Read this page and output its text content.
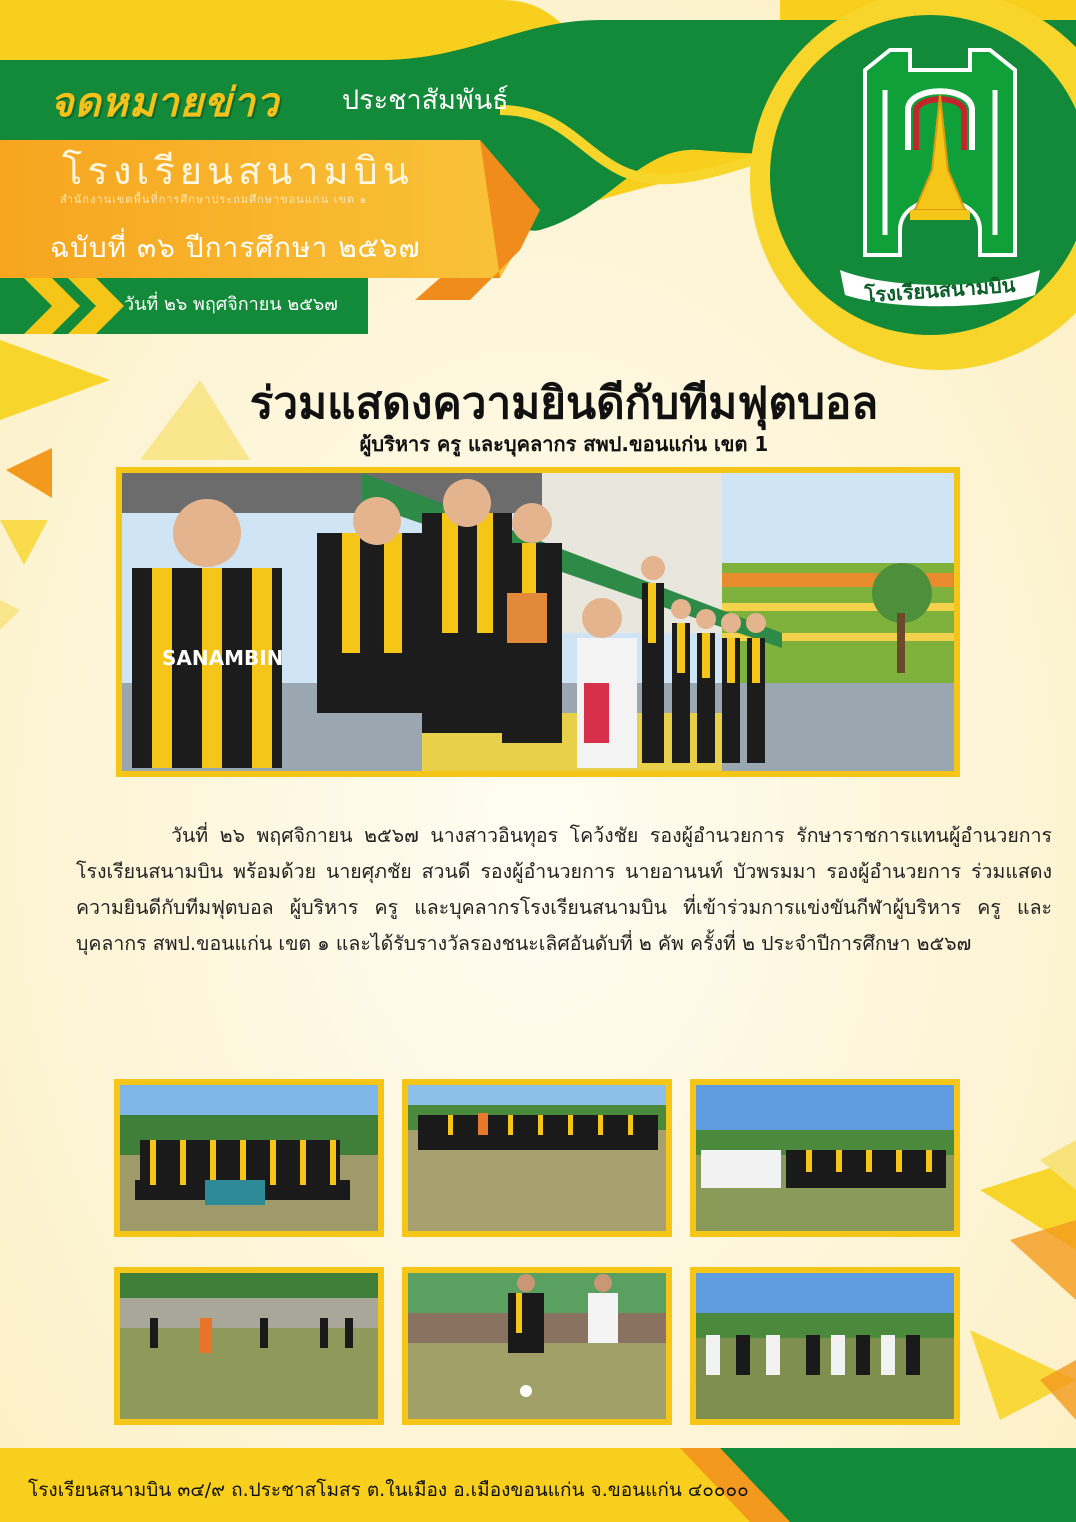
จดหมายข่าว ประชาสัมพันธ์
โรงเรียนสนามบิน
สำนักงานเขตพื้นที่การศึกษาประถมศึกษาขอนแก่น เขต ๑
ฉบับที่ ๓๖ ปีการศึกษา ๒๕๖๗
วันที่ ๒๖ พฤศจิกายน ๒๕๖๗	โรงเรียนสนามบิน
ร่วมแสดงความยินดีกับทีมฟุตบอล
ผู้บริหาร ครู และบุคลากร สพป.ขอนแก่น เขต 1
SANAMBIN

วันที่ ๒๖ พฤศจิกายน ๒๕๖๗ นางสาวอินทุอร โคว้งชัย รองผู้อำนวยการ รักษาราชการแทนผู้อำนวยการโรงเรียนสนามบิน พร้อมด้วย นายศุภชัย สวนดี รองผู้อำนวยการ นายอานนท์ บัวพรมมา รองผู้อำนวยการ ร่วมแสดงความยินดีกับทีมฟุตบอล ผู้บริหาร ครู และบุคลากรโรงเรียนสนามบิน ที่เข้าร่วมการแข่งขันกีฬาผู้บริหาร ครู และบุคลากร สพป.ขอนแก่น เขต ๑ และได้รับรางวัลรองชนะเลิศอันดับที่ ๒ คัพ ครั้งที่ ๒ ประจำปีการศึกษา ๒๕๖๗

โรงเรียนสนามบิน ๓๔/๙ ถ.ประชาสโมสร ต.ในเมือง อ.เมืองขอนแก่น จ.ขอนแก่น ๔๐๐๐๐
